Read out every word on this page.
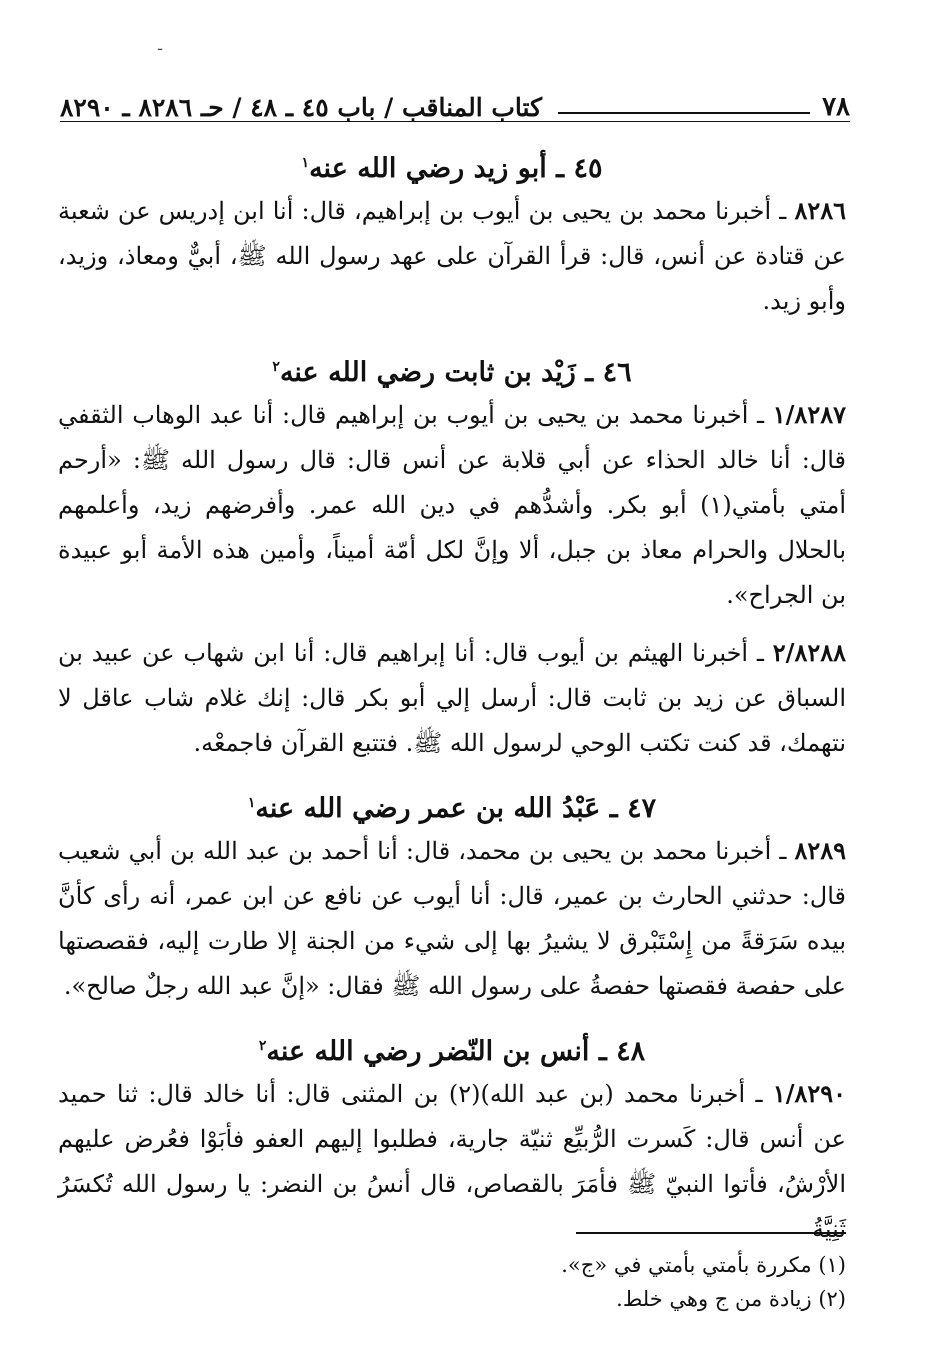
ـ
٧٨
كتاب المناقب / باب ٤٥ ـ ٤٨ / حـ ٨٢٨٦ ـ ٨٢٩٠
٤٥ ـ أبو زيد رضي الله عنه$^١$

٨٢٨٦ ـ أخبرنا محمد بن يحيى بن أيوب بن إبراهيم، قال: أنا ابن إدريس عن شعبة عن قتادة عن أنس، قال: قرأ القرآن على عهد رسول الله ﷺ، أبيٌّ ومعاذ، وزيد، وأبو زيد.

٤٦ ـ زَيْد بن ثابت رضي الله عنه$^٢$

١/٨٢٨٧ ـ أخبرنا محمد بن يحيى بن أيوب بن إبراهيم قال: أنا عبد الوهاب الثقفي قال: أنا خالد الحذاء عن أبي قلابة عن أنس قال: قال رسول الله ﷺ: «أرحم أمتي بأمتي(١) أبو بكر. وأشدُّهم في دين الله عمر. وأفرضهم زيد، وأعلمهم بالحلال والحرام معاذ بن جبل، ألا وإنَّ لكل أمّة أميناً، وأمين هذه الأمة أبو عبيدة بن الجراح».

٢/٨٢٨٨ ـ أخبرنا الهيثم بن أيوب قال: أنا إبراهيم قال: أنا ابن شهاب عن عبيد بن السباق عن زيد بن ثابت قال: أرسل إلي أبو بكر قال: إنك غلام شاب عاقل لا نتهمك، قد كنت تكتب الوحي لرسول الله ﷺ. فتتبع القرآن فاجمعْه.

٤٧ ـ عَبْدُ الله بن عمر رضي الله عنه$^١$

٨٢٨٩ ـ أخبرنا محمد بن يحيى بن محمد، قال: أنا أحمد بن عبد الله بن أبي شعيب قال: حدثني الحارث بن عمير، قال: أنا أيوب عن نافع عن ابن عمر، أنه رأى كأنَّ بيده سَرَقةً من إِسْتَبْرق لا يشيرُ بها إلى شيء من الجنة إلا طارت إليه، فقصصتها على حفصة فقصتها حفصةُ على رسول الله ﷺ فقال: «إنَّ عبد الله رجلٌ صالح».

٤٨ ـ أنس بن النّضر رضي الله عنه$^٢$

١/٨٢٩٠ ـ أخبرنا محمد (بن عبد الله)(٢) بن المثنى قال: أنا خالد قال: ثنا حميد عن أنس قال: كَسرت الرُّبيِّع ثنيّة جارية، فطلبوا إليهم العفو فأبَوْا فعُرض عليهم الأرْشُ، فأتوا النبيّ ﷺ فأمَرَ بالقصاص، قال أنسُ بن النضر: يا رسول الله تُكسَرُ ثَنِيَّةُ

(١) مكررة بأمتي بأمتي في «ج».
(٢) زيادة من ج وهي خلط.
